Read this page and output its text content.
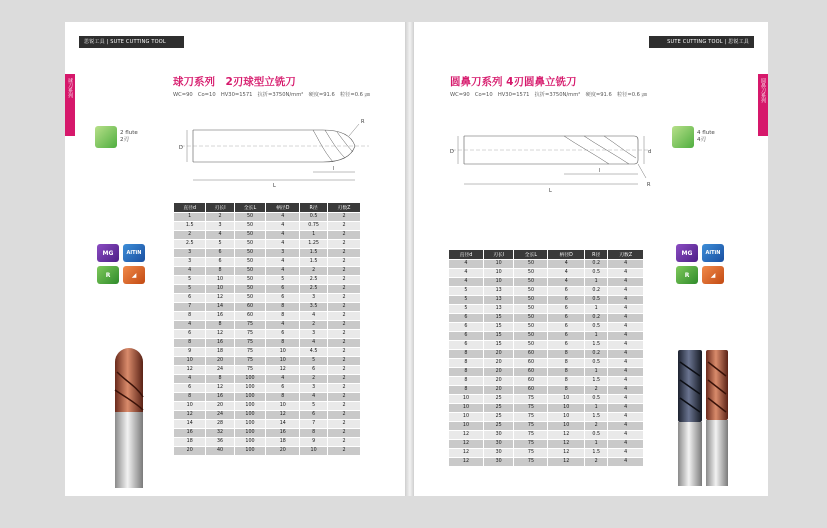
思锐工具 | SUTE CUTTING TOOL
球刀系列	球刀系列　2刃球型立铣刀
WC=90　Co=10　HV30=1571　抗折=3750N/mm²　硬度=91.6　粒径=0.6 ㎛
2 flute
2刃
D
R
l
L
直径d	刃长l	全长L	柄径D	R径	刃数Z
1	2	50	4	0.5	2
1.5	3	50	4	0.75	2
2	4	50	4	1	2
2.5	5	50	4	1.25	2
3	6	50	3	1.5	2
3	6	50	4	1.5	2
4	8	50	4	2	2
5	10	50	5	2.5	2
5	10	50	6	2.5	2
6	12	50	6	3	2
7	14	60	8	3.5	2
8	16	60	8	4	2
4	8	75	4	2	2
6	12	75	6	3	2
8	16	75	8	4	2
9	18	75	10	4.5	2
10	20	75	10	5	2
12	24	75	12	6	2
4	8	100	4	2	2
6	12	100	6	3	2
8	16	100	8	4	2
10	20	100	10	5	2
12	24	100	12	6	2
14	28	100	14	7	2
16	32	100	16	8	2
18	36	100	18	9	2
20	40	100	20	10	2
MG	AlTiN
R	◢
SUTE CUTTING TOOL | 思锐工具
圆鼻刀系列
圆鼻刀系列 4刃圆鼻立铣刀
WC=90　Co=10　HV30=1571　抗折=3750N/mm²　硬度=91.6　粒径=0.6 ㎛
4 flute
4刃
D	d
l
L
R
直径d	刃长l	全长L	柄径D	R径	刃数Z
4	10	50	4	0.2	4
4	10	50	4	0.5	4
4	10	50	4	1	4
5	13	50	6	0.2	4
5	13	50	6	0.5	4
5	13	50	6	1	4
6	15	50	6	0.2	4
6	15	50	6	0.5	4
6	15	50	6	1	4
6	15	50	6	1.5	4
8	20	60	8	0.2	4
8	20	60	8	0.5	4
8	20	60	8	1	4
8	20	60	8	1.5	4
8	20	60	8	2	4
10	25	75	10	0.5	4
10	25	75	10	1	4
10	25	75	10	1.5	4
10	25	75	10	2	4
12	30	75	12	0.5	4
12	30	75	12	1	4
12	30	75	12	1.5	4
12	30	75	12	2	4
MG	AlTiN
R	◢
